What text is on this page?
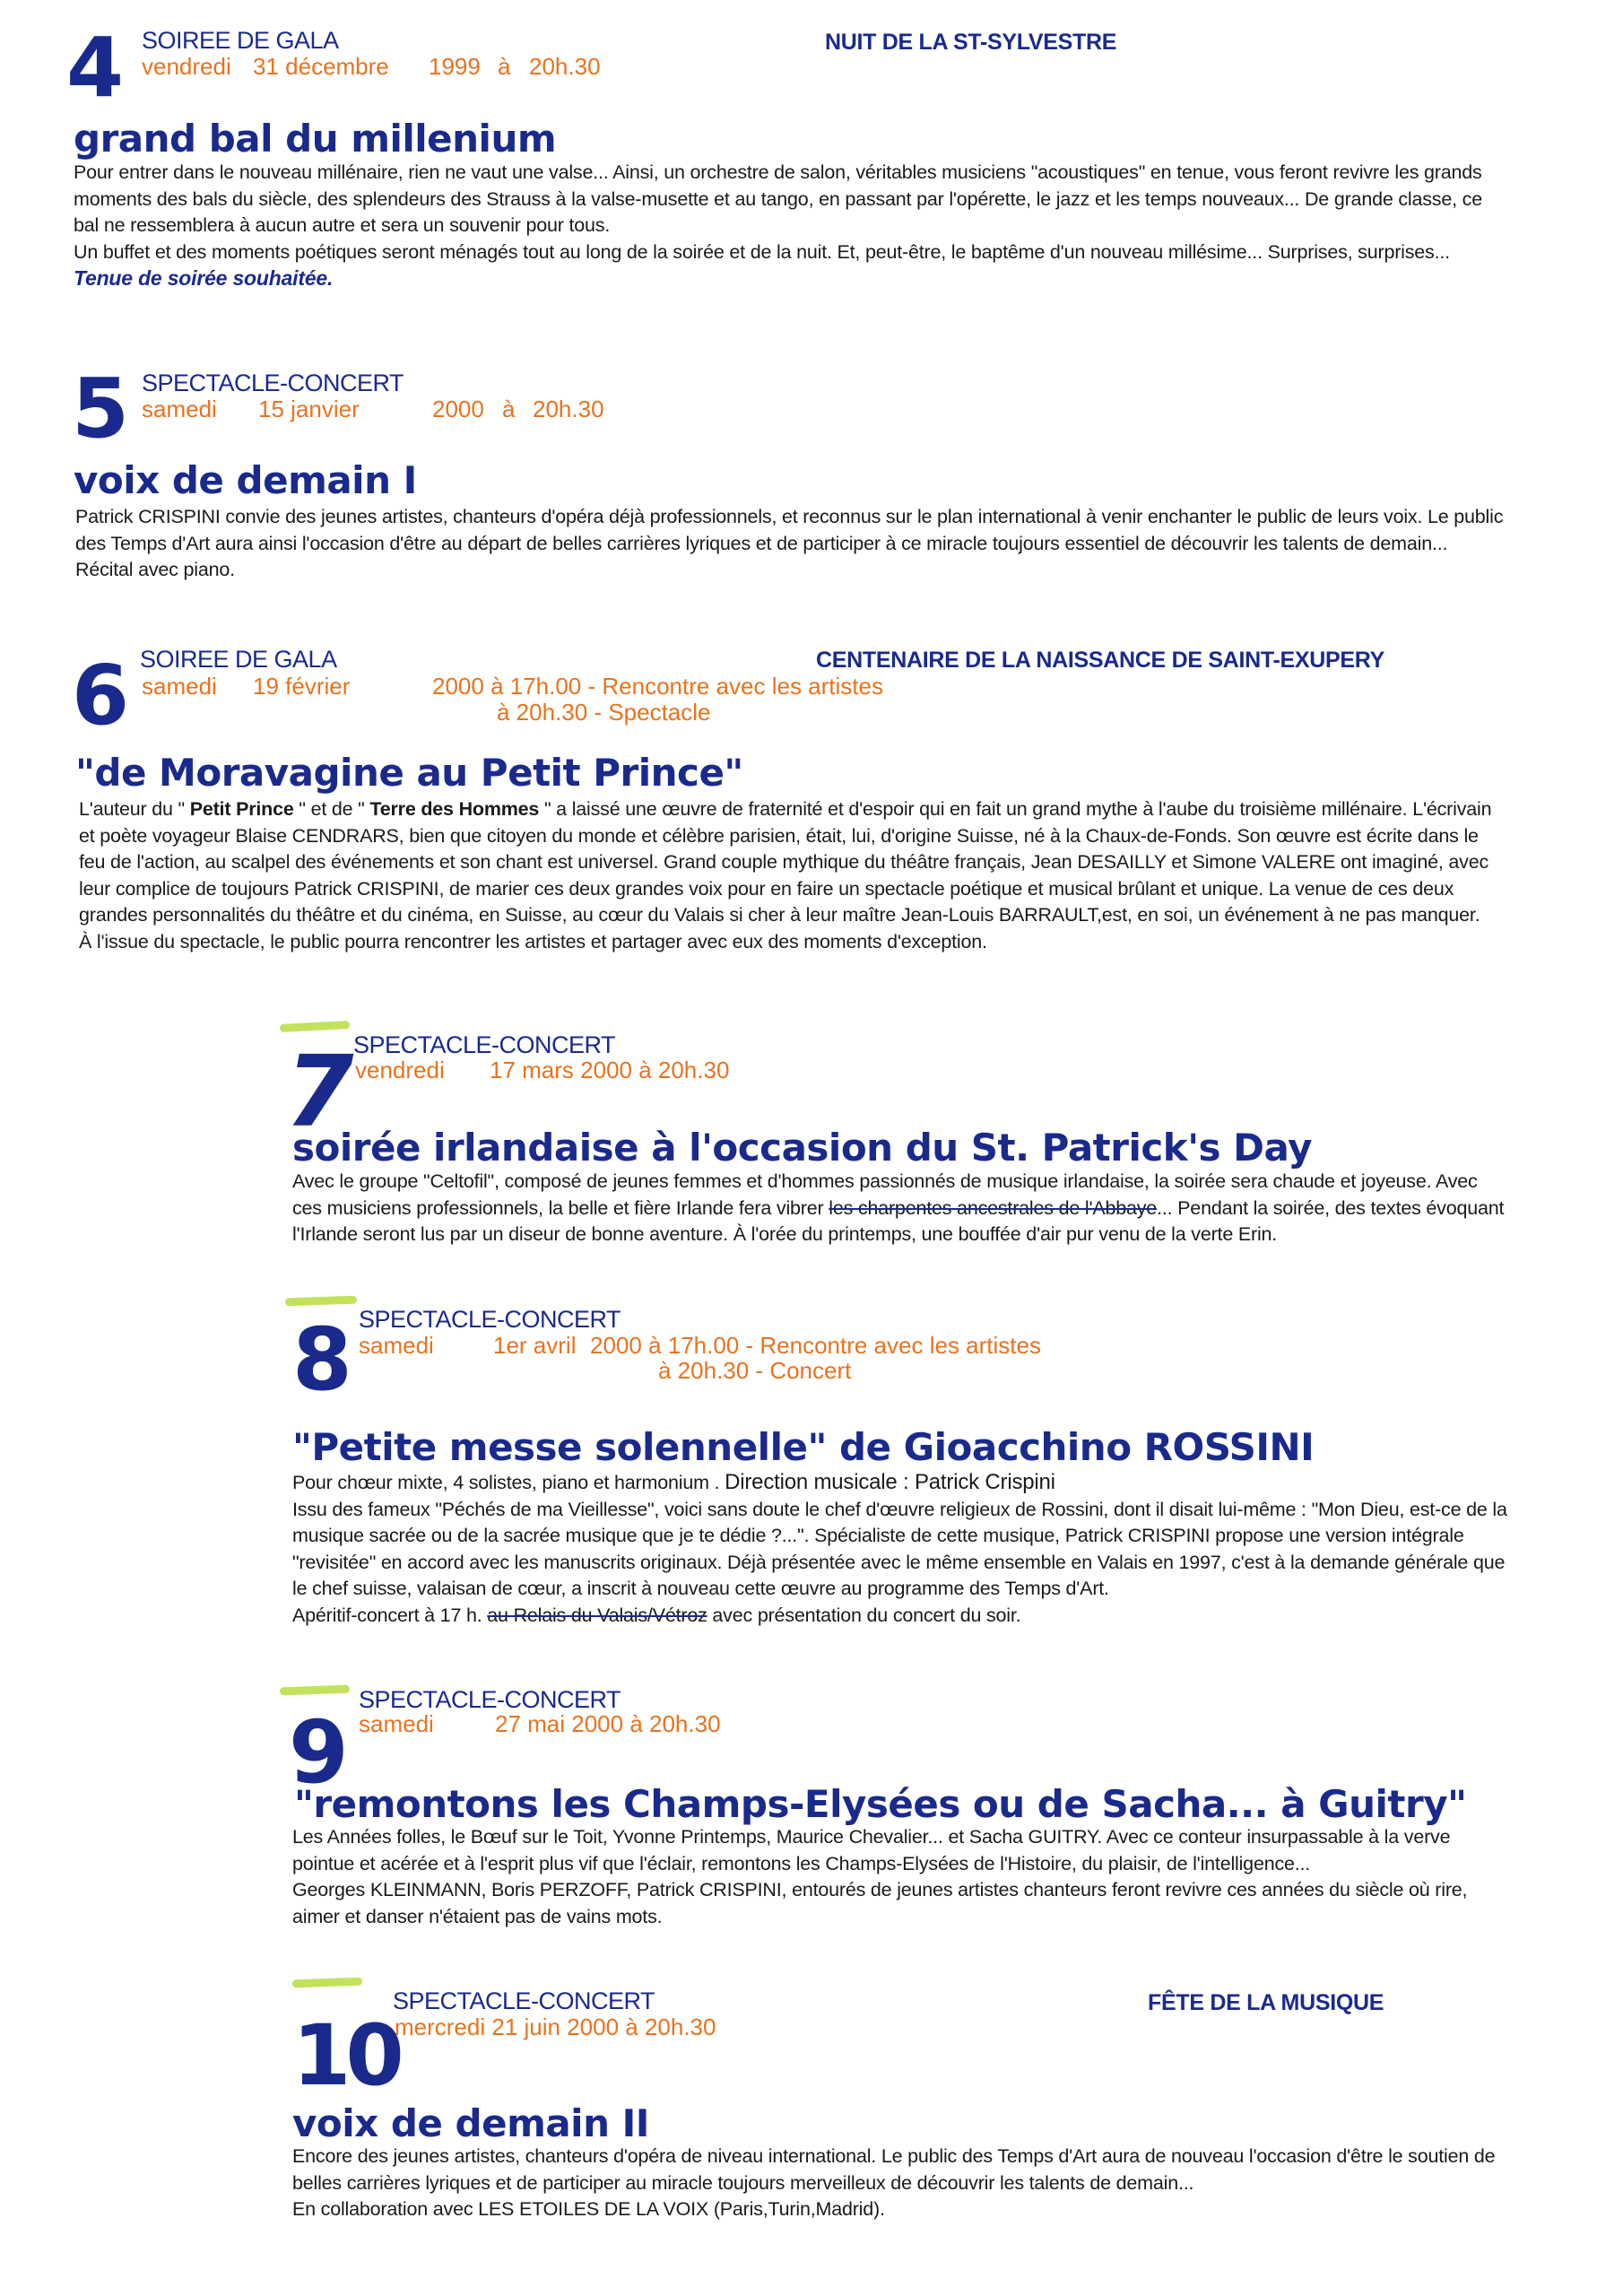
4 SOIREE DE GALA
vendredi 31 décembre 1999 à 20h.30
NUIT DE LA ST-SYLVESTRE
grand bal du millenium

Pour entrer dans le nouveau millénaire, rien ne vaut une valse... Ainsi, un orchestre de salon, véritables musiciens "acoustiques" en tenue, vous feront revivre les grands moments des bals du siècle, des splendeurs des Strauss à la valse-musette et au tango, en passant par l'opérette, le jazz et les temps nouveaux... De grande classe, ce bal ne ressemblera à aucun autre et sera un souvenir pour tous.

Un buffet et des moments poétiques seront ménagés tout au long de la soirée et de la nuit. Et, peut-être, le baptême d'un nouveau millésime... Surprises, surprises...

Tenue de soirée souhaitée.

5 SPECTACLE-CONCERT
samedi 15 janvier	2000 à 20h.30
voix de demain I

Patrick CRISPINI convie des jeunes artistes, chanteurs d'opéra déjà professionnels, et reconnus sur le plan international à venir enchanter le public de leurs voix. Le public des Temps d'Art aura ainsi l'occasion d'être au départ de belles carrières lyriques et de participer à ce miracle toujours essentiel de découvrir les talents de demain... Récital avec piano.

6 SOIREE DE GALA
samedi 19 février	2000 à 17h.00 - Rencontre avec les artistes
à 20h.30 - Spectacle
CENTENAIRE DE LA NAISSANCE DE SAINT-EXUPERY
"de Moravagine au Petit Prince"

L'auteur du " Petit Prince " et de " Terre des Hommes " a laissé une œuvre de fraternité et d'espoir qui en fait un grand mythe à l'aube du troisième millénaire. L'écrivain et poète voyageur Blaise CENDRARS, bien que citoyen du monde et célèbre parisien, était, lui, d'origine Suisse, né à la Chaux-de-Fonds. Son œuvre est écrite dans le feu de l'action, au scalpel des événements et son chant est universel. Grand couple mythique du théâtre français, Jean DESAILLY et Simone VALERE ont imaginé, avec leur complice de toujours Patrick CRISPINI, de marier ces deux grandes voix pour en faire un spectacle poétique et musical brûlant et unique. La venue de ces deux grandes personnalités du théâtre et du cinéma, en Suisse, au cœur du Valais si cher à leur maître Jean-Louis BARRAULT,est, en soi, un événement à ne pas manquer.

À l'issue du spectacle, le public pourra rencontrer les artistes et partager avec eux des moments d'exception.

7 SPECTACLE-CONCERT
vendredi 17 mars 2000 à 20h.30
soirée irlandaise à l'occasion du St. Patrick's Day

Avec le groupe "Celtofil", composé de jeunes femmes et d'hommes passionnés de musique irlandaise, la soirée sera chaude et joyeuse. Avec ces musiciens professionnels, la belle et fière Irlande fera vibrer les charpentes ancestrales de l'Abbaye... Pendant la soirée, des textes évoquant l'Irlande seront lus par un diseur de bonne aventure. À l'orée du printemps, une bouffée d'air pur venu de la verte Erin.

8 SPECTACLE-CONCERT
samedi	1er avril 2000 à 17h.00 - Rencontre avec les artistes
à 20h.30 - Concert
"Petite messe solennelle" de Gioacchino ROSSINI

Pour chœur mixte, 4 solistes, piano et harmonium . Direction musicale : Patrick Crispini

Issu des fameux "Péchés de ma Vieillesse", voici sans doute le chef d'œuvre religieux de Rossini, dont il disait lui-même : "Mon Dieu, est-ce de la musique sacrée ou de la sacrée musique que je te dédie ?...". Spécialiste de cette musique, Patrick CRISPINI propose une version intégrale "revisitée" en accord avec les manuscrits originaux. Déjà présentée avec le même ensemble en Valais en 1997, c'est à la demande générale que le chef suisse, valaisan de cœur, a inscrit à nouveau cette œuvre au programme des Temps d'Art.

Apéritif-concert à 17 h. au Relais du Valais/Vétroz avec présentation du concert du soir.

9
SPECTACLE-CONCERT
samedi	27 mai 2000 à 20h.30
"remontons les Champs-Elysées ou de Sacha... à Guitry"

Les Années folles, le Bœuf sur le Toit, Yvonne Printemps, Maurice Chevalier... et Sacha GUITRY. Avec ce conteur insurpassable à la verve pointue et acérée et à l'esprit plus vif que l'éclair, remontons les Champs-Elysées de l'Histoire, du plaisir, de l'intelligence...

Georges KLEINMANN, Boris PERZOFF, Patrick CRISPINI, entourés de jeunes artistes chanteurs feront revivre ces années du siècle où rire, aimer et danser n'étaient pas de vains mots.

10
SPECTACLE-CONCERT
mercredi 21 juin 2000 à 20h.30
FÊTE DE LA MUSIQUE
voix de demain II

Encore des jeunes artistes, chanteurs d'opéra de niveau international. Le public des Temps d'Art aura de nouveau l'occasion d'être le soutien de belles carrières lyriques et de participer au miracle toujours merveilleux de découvrir les talents de demain...

En collaboration avec LES ETOILES DE LA VOIX (Paris,Turin,Madrid).
